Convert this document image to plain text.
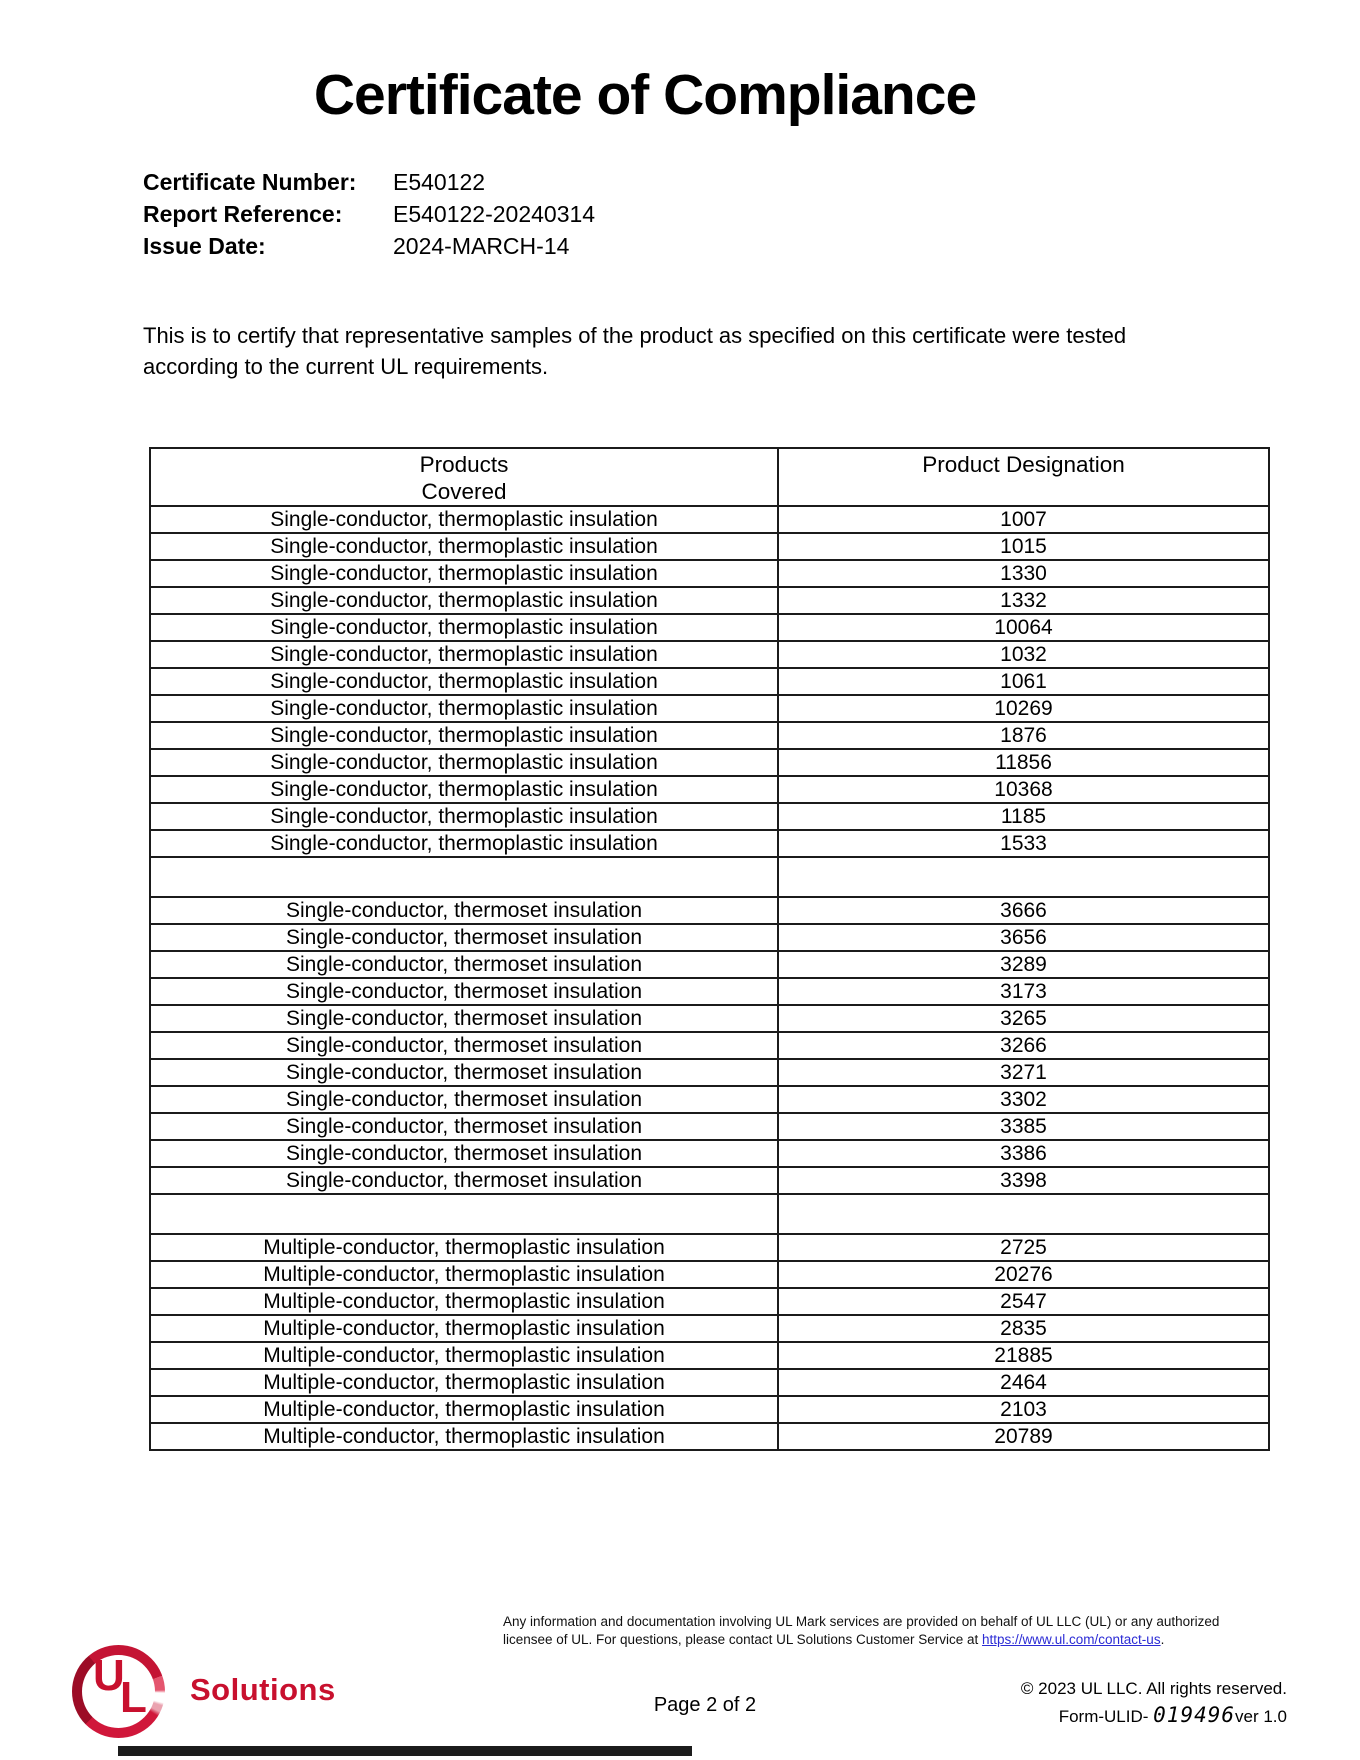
Certificate of Compliance
Certificate Number:	E540122
Report Reference:	E540122-20240314
Issue Date:	2024-MARCH-14
This is to certify that representative samples of the product as specified on this certificate were tested
according to the current UL requirements.
Products
Covered	Product Designation
Single-conductor, thermoplastic insulation	1007
Single-conductor, thermoplastic insulation	1015
Single-conductor, thermoplastic insulation	1330
Single-conductor, thermoplastic insulation	1332
Single-conductor, thermoplastic insulation	10064
Single-conductor, thermoplastic insulation	1032
Single-conductor, thermoplastic insulation	1061
Single-conductor, thermoplastic insulation	10269
Single-conductor, thermoplastic insulation	1876
Single-conductor, thermoplastic insulation	11856
Single-conductor, thermoplastic insulation	10368
Single-conductor, thermoplastic insulation	1185
Single-conductor, thermoplastic insulation	1533

Single-conductor, thermoset insulation	3666
Single-conductor, thermoset insulation	3656
Single-conductor, thermoset insulation	3289
Single-conductor, thermoset insulation	3173
Single-conductor, thermoset insulation	3265
Single-conductor, thermoset insulation	3266
Single-conductor, thermoset insulation	3271
Single-conductor, thermoset insulation	3302
Single-conductor, thermoset insulation	3385
Single-conductor, thermoset insulation	3386
Single-conductor, thermoset insulation	3398

Multiple-conductor, thermoplastic insulation	2725
Multiple-conductor, thermoplastic insulation	20276
Multiple-conductor, thermoplastic insulation	2547
Multiple-conductor, thermoplastic insulation	2835
Multiple-conductor, thermoplastic insulation	21885
Multiple-conductor, thermoplastic insulation	2464
Multiple-conductor, thermoplastic insulation	2103
Multiple-conductor, thermoplastic insulation	20789
Any information and documentation involving UL Mark services are provided on behalf of UL LLC (UL) or any authorized
licensee of UL. For questions, please contact UL Solutions Customer Service at https://www.ul.com/contact-us.
U
L Solutions	Page 2 of 2
© 2023 UL LLC. All rights reserved.
Form-ULID- 019496ver 1.0
